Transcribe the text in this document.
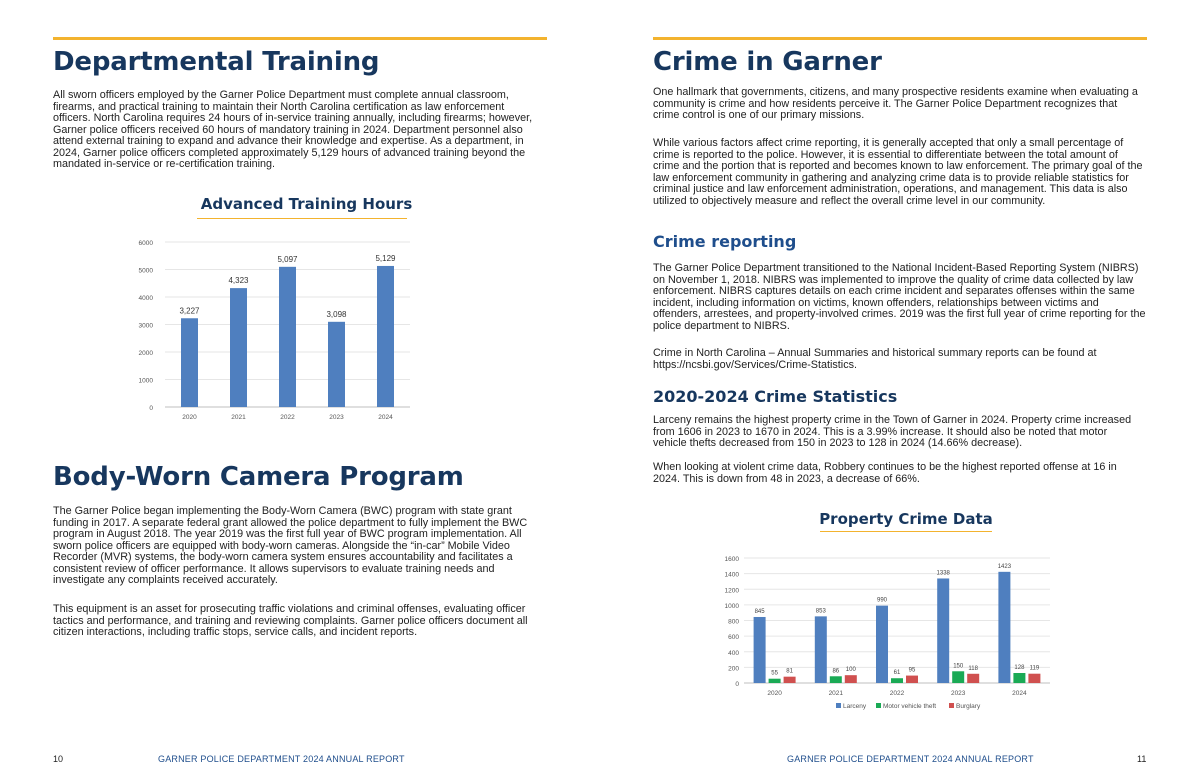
Departmental Training

All sworn officers employed by the Garner Police Department must complete annual classroom, firearms, and practical training to maintain their North Carolina certification as law enforcement officers. North Carolina requires 24 hours of in-service training annually, including firearms; however, Garner police officers received 60 hours of mandatory training in 2024. Department personnel also attend external training to expand and advance their knowledge and expertise. As a department, in 2024, Garner police officers completed approximately 5,129 hours of advanced training beyond the mandated in-service or re-certification training.

Advanced Training Hours
3,227
4,323
5,097
3,098
5,129
0
1000
2000
3000
4000
5000
6000
2020	2021	2022	2023	2024
Body-Worn Camera Program

The Garner Police began implementing the Body-Worn Camera (BWC) program with state grant funding in 2017. A separate federal grant allowed the police department to fully implement the BWC program in August 2018. The year 2019 was the first full year of BWC program implementation. All sworn police officers are equipped with body-worn cameras. Alongside the “in-car” Mobile Video Recorder (MVR) systems, the body-worn camera system ensures accountability and facilitates a consistent review of officer performance. It allows supervisors to evaluate training needs and investigate any complaints received accurately.

This equipment is an asset for prosecuting traffic violations and criminal offenses, evaluating officer tactics and performance, and training and reviewing complaints. Garner police officers document all citizen interactions, including traffic stops, service calls, and incident reports.

10	GARNER POLICE DEPARTMENT 2024 ANNUAL REPORT
Crime in Garner

One hallmark that governments, citizens, and many prospective residents examine when evaluating a community is crime and how residents perceive it. The Garner Police Department recognizes that crime control is one of our primary missions.

While various factors affect crime reporting, it is generally accepted that only a small percentage of crime is reported to the police. However, it is essential to differentiate between the total amount of crime and the portion that is reported and becomes known to law enforcement. The primary goal of the law enforcement community in gathering and analyzing crime data is to provide reliable statistics for criminal justice and law enforcement administration, operations, and management. This data is also utilized to objectively measure and reflect the overall crime level in our community.

Crime reporting

The Garner Police Department transitioned to the National Incident-Based Reporting System (NIBRS) on November 1, 2018. NIBRS was implemented to improve the quality of crime data collected by law enforcement. NIBRS captures details on each crime incident and separates offenses within the same incident, including information on victims, known offenders, relationships between victims and offenders, arrestees, and property-involved crimes. 2019 was the first full year of crime reporting for the police department to NIBRS.

Crime in North Carolina – Annual Summaries and historical summary reports can be found at https://ncsbi.gov/Services/Crime-Statistics.

2020-2024 Crime Statistics

Larceny remains the highest property crime in the Town of Garner in 2024. Property crime increased from 1606 in 2023 to 1670 in 2024. This is a 3.99% increase. It should also be noted that motor vehicle thefts decreased from 150 in 2023 to 128 in 2024 (14.66% decrease).

When looking at violent crime data, Robbery continues to be the highest reported offense at 16 in 2024. This is down from 48 in 2023, a decrease of 66%.

Property Crime Data
845
55 81
853
86 100
990
61 95
1338
150 118
1423
128 119
0
200
400
600
800
1000
1200
1400
1600
2020	2021	2022	2023	2024
Larceny	Motor vehicle theft	Burglary
GARNER POLICE DEPARTMENT 2024 ANNUAL REPORT	11
